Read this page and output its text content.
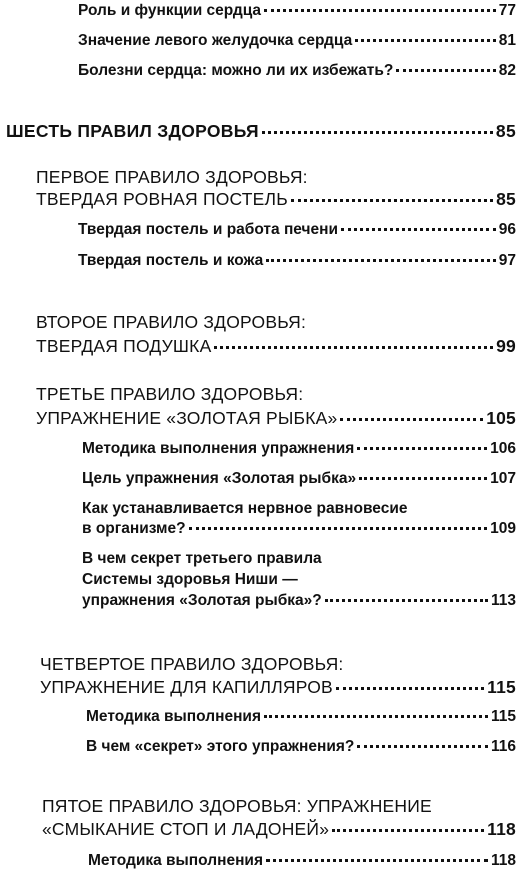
Роль и функции сердца	77
Значение левого желудочка сердца	81
Болезни сердца: можно ли их избежать?	82
ШЕСТЬ ПРАВИЛ ЗДОРОВЬЯ	85
ПЕРВОЕ ПРАВИЛО ЗДОРОВЬЯ:
ТВЕРДАЯ РОВНАЯ ПОСТЕЛЬ	85
Твердая постель и работа печени	96
Твердая постель и кожа	97
ВТОРОЕ ПРАВИЛО ЗДОРОВЬЯ:
ТВЕРДАЯ ПОДУШКА	99
ТРЕТЬЕ ПРАВИЛО ЗДОРОВЬЯ:
УПРАЖНЕНИЕ «ЗОЛОТАЯ РЫБКА»	105
Методика выполнения упражнения	106
Цель упражнения «Золотая рыбка»	107
Как устанавливается нервное равновесие
в организме?	109
В чем секрет третьего правила
Системы здоровья Ниши —
упражнения «Золотая рыбка»?	113
ЧЕТВЕРТОЕ ПРАВИЛО ЗДОРОВЬЯ:
УПРАЖНЕНИЕ ДЛЯ КАПИЛЛЯРОВ	115
Методика выполнения	115
В чем «секрет» этого упражнения?	116
ПЯТОЕ ПРАВИЛО ЗДОРОВЬЯ: УПРАЖНЕНИЕ
«СМЫКАНИЕ СТОП И ЛАДОНЕЙ»	118
Методика выполнения	118
